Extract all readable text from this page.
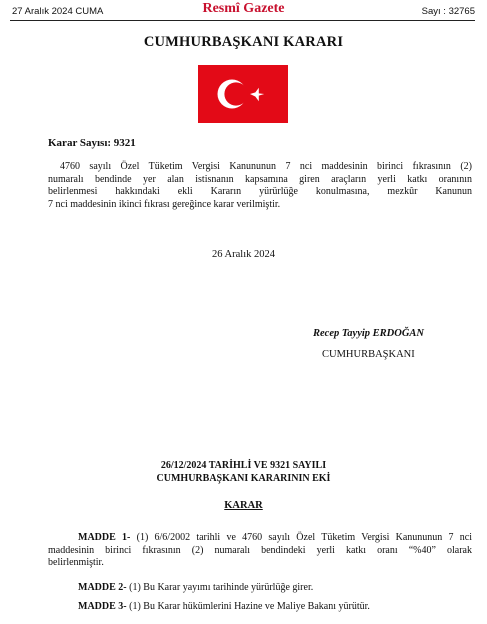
27 Aralık 2024 CUMA	Resmî Gazete	Sayı : 32765
CUMHURBAŞKANI KARARI
Karar Sayısı: 9321
4760 sayılı Özel Tüketim Vergisi Kanununun 7 nci maddesinin birinci fıkrasının (2)
numaralı bendinde yer alan istisnanın kapsamına giren araçların yerli katkı oranının
belirlenmesi hakkındaki ekli Kararın yürürlüğe konulmasına, mezkûr Kanunun
7 nci maddesinin ikinci fıkrası gereğince karar verilmiştir.
26 Aralık 2024
Recep Tayyip ERDOĞAN
CUMHURBAŞKANI
26/12/2024 TARİHLİ VE 9321 SAYILI
CUMHURBAŞKANI KARARININ EKİ
KARAR
MADDE 1- (1) 6/6/2002 tarihli ve 4760 sayılı Özel Tüketim Vergisi Kanununun 7 nci
maddesinin birinci fıkrasının (2) numaralı bendindeki yerli katkı oranı “%40” olarak
belirlenmiştir.
MADDE 2- (1) Bu Karar yayımı tarihinde yürürlüğe girer.
MADDE 3- (1) Bu Karar hükümlerini Hazine ve Maliye Bakanı yürütür.
